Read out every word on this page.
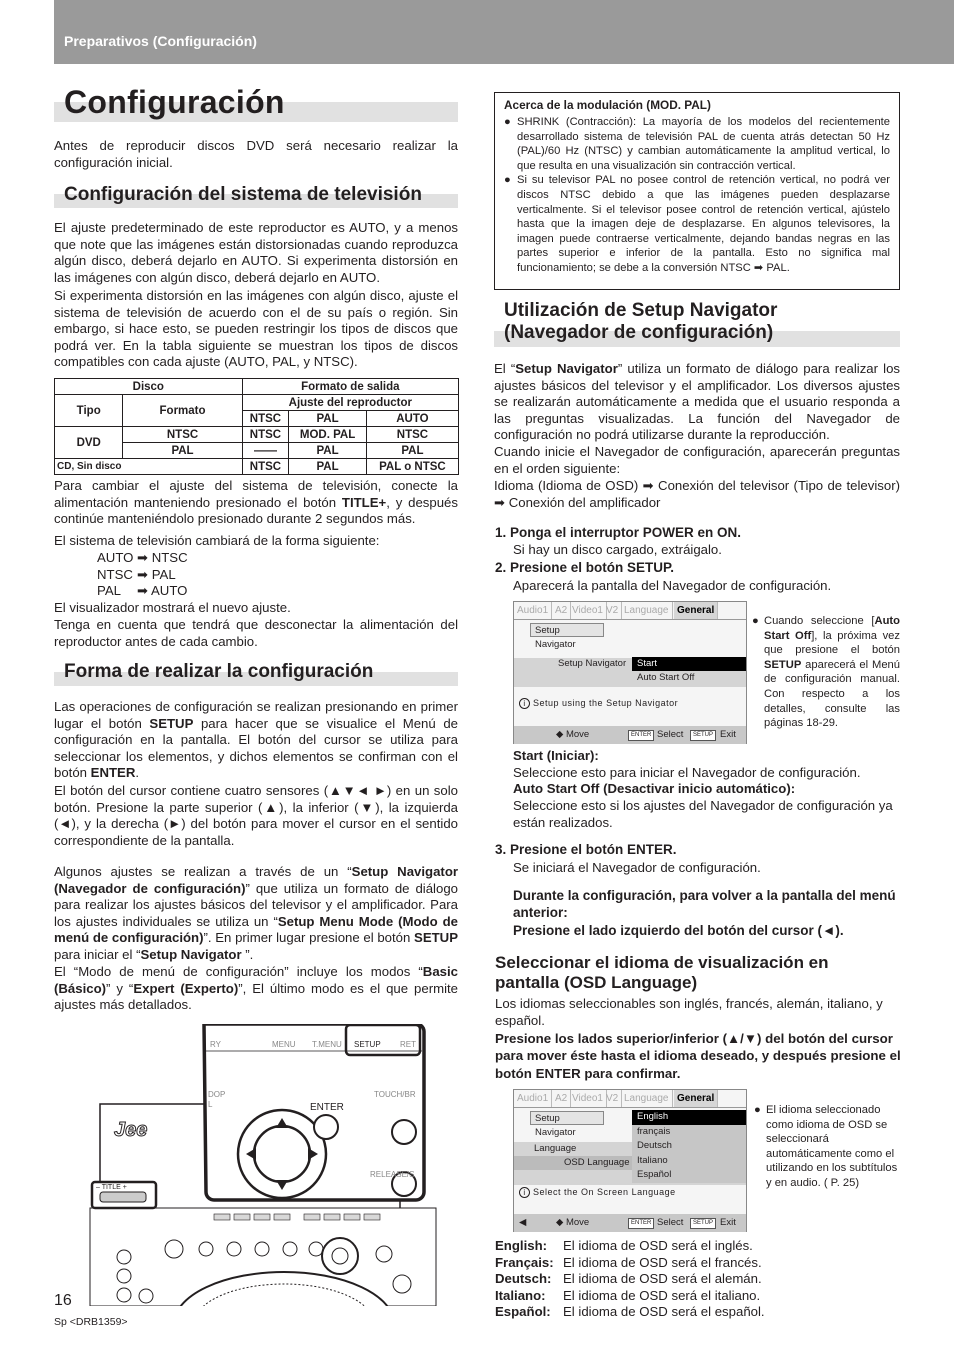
Preparativos (Configuración)
Configuración
Antes de reproducir discos DVD será necesario realizar la configuración inicial.
Configuración del sistema de televisión
El ajuste predeterminado de este reproductor es AUTO, y a menos que note que las imágenes están distorsionadas cuando reproduzca algún disco, deberá dejarlo en AUTO. Si experimenta distorsión en las imágenes con algún disco, deberá dejarlo en AUTO.
Si experimenta distorsión en las imágenes con algún disco, ajuste el sistema de televisión de acuerdo con el de su país o región. Sin embargo, si hace esto, se pueden restringir los tipos de discos que podrá ver. En la tabla siguiente se muestran los tipos de discos compatibles con cada ajuste (AUTO, PAL, y NTSC).
Disco		Formato de salida		
Tipo	Formato	Ajuste del reproductor		
		NTSC	PAL	AUTO
DVD	NTSC	NTSC	MOD. PAL	NTSC
	PAL	——	PAL	PAL
CD, Sin disco		NTSC	PAL	PAL o NTSC
Para cambiar el ajuste del sistema de televisión, conecte la alimentación manteniendo presionado el botón TITLE+, y después continúe manteniéndolo presionado durante 2 segundos más.
El sistema de televisión cambiará de la forma siguiente:
AUTO ➡ NTSC
NTSC ➡ PAL
PAL ➡ AUTO
El visualizador mostrará el nuevo ajuste.
Tenga en cuenta que tendrá que desconectar la alimentación del reproductor antes de cada cambio.
Forma de realizar la configuración
Las operaciones de configuración se realizan presionando en primer lugar el botón SETUP para hacer que se visualice el Menú de configuración en la pantalla. El botón del cursor se utiliza para seleccionar los elementos, y dichos elementos se confirman con el botón ENTER.
El botón del cursor contiene cuatro sensores (▲▼◄ ►) en un solo botón. Presione la parte superior (▲), la inferior (▼), la izquierda (◄), y la derecha (►) del botón para mover el cursor en el sentido correspondiente de la pantalla.
Algunos ajustes se realizan a través de un “Setup Navigator (Navegador de configuración)” que utiliza un formato de diálogo para realizar los ajustes básicos del televisor y el amplificador. Para los ajustes individuales se utiliza un “Setup Menu Mode (Modo de menú de configuración)”. En primer lugar presione el botón SETUP para iniciar el “Setup Navigator ”.
El “Modo de menú de configuración” incluye los modos “Basic (Básico)” y “Expert (Experto)”, El último modo es el que permite ajustes más detallados.
Jee
RY	MENU T.MENU SETUP RET
DOP
L	ENTER
TOUCH/BR
RELEASE/S
– TITLE +
Acerca de la modulación (MOD. PAL)
● SHRINK (Contracción): La mayoría de los modelos del recientemente desarrollado sistema de televisión PAL de cuenta atrás detectan 50 Hz (PAL)/60 Hz (NTSC) y cambian automáticamente la amplitud vertical, lo que resulta en una visualización sin contracción vertical.
● Si su televisor PAL no posee control de retención vertical, no podrá ver discos NTSC debido a que las imágenes pueden desplazarse verticalmente. Si el televisor posee control de retención vertical, ajústelo hasta que la imagen deje de desplazarse. En algunos televisores, la imagen puede contraerse verticalmente, dejando bandas negras en las partes superior e inferior de la pantalla. Esto no significa mal funcionamiento; se debe a la conversión NTSC ➡ PAL.
Utilización de Setup Navigator
(Navegador de configuración)
El “Setup Navigator” utiliza un formato de diálogo para realizar los ajustes básicos del televisor y el amplificador. Los diversos ajustes se realizarán automáticamente a medida que el usuario responda a las preguntas visualizadas. La función del Navegador de configuración no podrá utilizarse durante la reproducción.
Cuando inicie el Navegador de configuración, aparecerán preguntas en el orden siguiente:
Idioma (Idioma de OSD) ➡ Conexión del televisor (Tipo de televisor) ➡ Conexión del amplificador
1. Ponga el interruptor POWER en ON.
Si hay un disco cargado, extráigalo.
2. Presione el botón SETUP.
Aparecerá la pantalla del Navegador de configuración.
Audio1 A2 Video1 V2 Language General
Setup Navigator
Setup Navigator	Start
Auto Start Off
i Setup using the Setup Navigator
◆ Move	ENTER Select	SETUP Exit
● Cuando seleccione [Auto Start Off], la próxima vez que presione el botón SETUP aparecerá el Menú de configuración manual. Con respecto a los detalles, consulte las páginas 18-29.
Start (Iniciar):
Seleccione esto para iniciar el Navegador de configuración.
Auto Start Off (Desactivar inicio automático):
Seleccione esto si los ajustes del Navegador de configuración ya están realizados.
3. Presione el botón ENTER.
Se iniciará el Navegador de configuración.
Durante la configuración, para volver a la pantalla del menú anterior:
Presione el lado izquierdo del botón del cursor (◄).
Seleccionar el idioma de visualización en
pantalla (OSD Language)
Los idiomas seleccionables son inglés, francés, alemán, italiano, y español.
Presione los lados superior/inferior (▲/▼) del botón del cursor para mover éste hasta el idioma deseado, y después presione el botón ENTER para confirmar.
Audio1 A2 Video1 V2 Language General
Setup Navigator
Language
OSD Language
English
français
Deutsch
Italiano
Español
i Select the On Screen Language
◀	◆ Move	ENTER Select	SETUP Exit
● El idioma seleccionado como idioma de OSD se seleccionará automáticamente como el utilizando en los subtítulos y en audio. ( P. 25)
English: El idioma de OSD será el inglés.
Français: El idioma de OSD será el francés.
Deutsch: El idioma de OSD será el alemán.
Italiano: El idioma de OSD será el italiano.
Español: El idioma de OSD será el español.
16
Sp <DRB1359>
